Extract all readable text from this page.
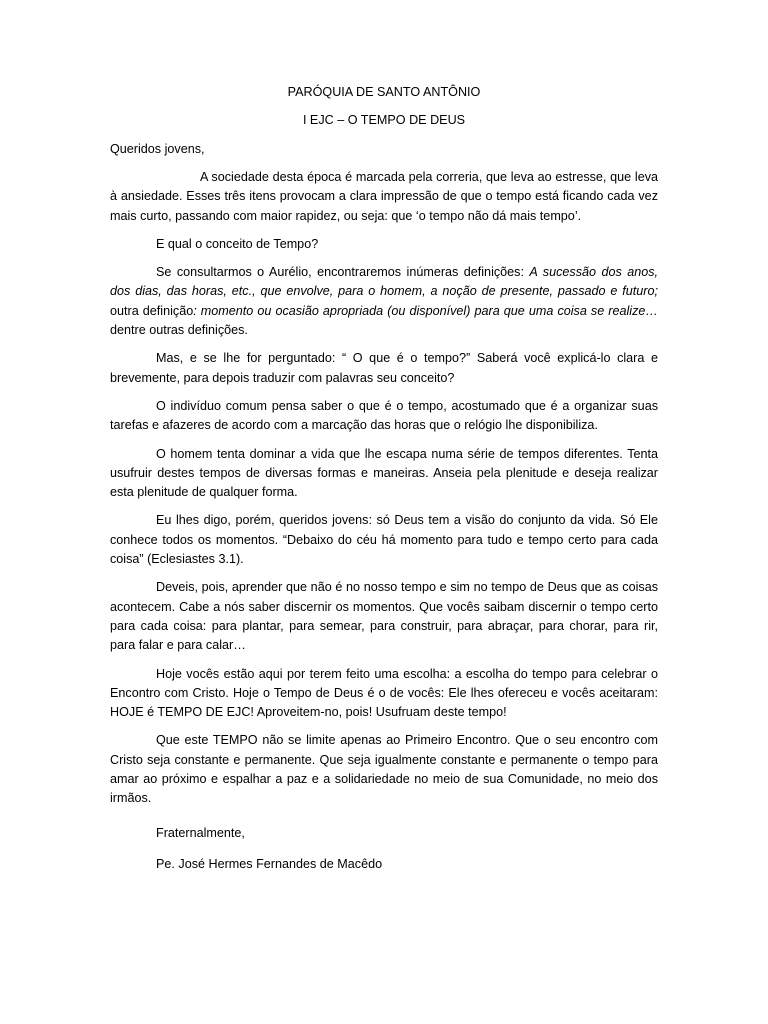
PARÓQUIA DE SANTO ANTÔNIO

I EJC – O TEMPO DE DEUS

Queridos jovens,

A sociedade desta época é marcada pela correria, que leva ao estresse, que leva à ansiedade. Esses três itens provocam a clara impressão de que o tempo está ficando cada vez mais curto, passando com maior rapidez, ou seja: que ‘o tempo não dá mais tempo’.

E qual o conceito de Tempo?

Se consultarmos o Aurélio, encontraremos inúmeras definições: A sucessão dos anos, dos dias, das horas, etc., que envolve, para o homem, a noção de presente, passado e futuro; outra definição: momento ou ocasião apropriada (ou disponível) para que uma coisa se realize…dentre outras definições.

Mas, e se lhe for perguntado: “ O que é o tempo?” Saberá você explicá-lo clara e brevemente, para depois traduzir com palavras seu conceito?

O indivíduo comum pensa saber o que é o tempo, acostumado que é a organizar suas tarefas e afazeres de acordo com a marcação das horas que o relógio lhe disponibiliza.

O homem tenta dominar a vida que lhe escapa numa série de tempos diferentes. Tenta usufruir destes tempos de diversas formas e maneiras. Anseia pela plenitude e deseja realizar esta plenitude de qualquer forma.

Eu lhes digo, porém, queridos jovens: só Deus tem a visão do conjunto da vida. Só Ele conhece todos os momentos. “Debaixo do céu há momento para tudo e tempo certo para cada coisa” (Eclesiastes 3.1).

Deveis, pois, aprender que não é no nosso tempo e sim no tempo de Deus que as coisas acontecem. Cabe a nós saber discernir os momentos. Que vocês saibam discernir o tempo certo para cada coisa: para plantar, para semear, para construir, para abraçar, para chorar, para rir, para falar e para calar…

Hoje vocês estão aqui por terem feito uma escolha: a escolha do tempo para celebrar o Encontro com Cristo. Hoje o Tempo de Deus é o de vocês: Ele lhes ofereceu e vocês aceitaram: HOJE é TEMPO DE EJC! Aproveitem-no, pois! Usufruam deste tempo!

Que este TEMPO não se limite apenas ao Primeiro Encontro. Que o seu encontro com Cristo seja constante e permanente. Que seja igualmente constante e permanente o tempo para amar ao próximo e espalhar a paz e a solidariedade no meio de sua Comunidade, no meio dos irmãos.

Fraternalmente,

Pe. José Hermes Fernandes de Macêdo
